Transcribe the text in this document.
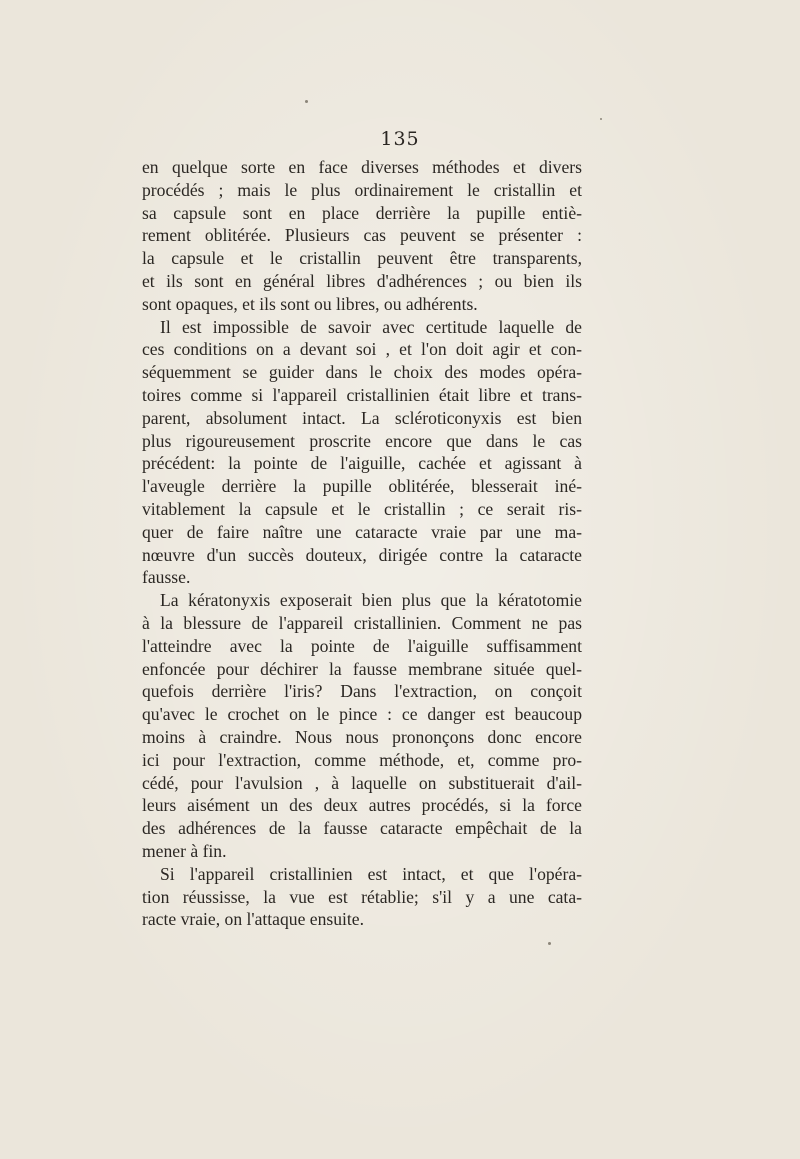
135
en quelque sorte en face diverses méthodes et divers
procédés ; mais le plus ordinairement le cristallin et
sa capsule sont en place derrière la pupille entiè-
rement oblitérée. Plusieurs cas peuvent se présenter :
la capsule et le cristallin peuvent être transparents,
et ils sont en général libres d'adhérences ; ou bien ils
sont opaques, et ils sont ou libres, ou adhérents.
Il est impossible de savoir avec certitude laquelle de
ces conditions on a devant soi , et l'on doit agir et con-
séquemment se guider dans le choix des modes opéra-
toires comme si l'appareil cristallinien était libre et trans-
parent, absolument intact. La scléroticonyxis est bien
plus rigoureusement proscrite encore que dans le cas
précédent: la pointe de l'aiguille, cachée et agissant à
l'aveugle derrière la pupille oblitérée, blesserait iné-
vitablement la capsule et le cristallin ; ce serait ris-
quer de faire naître une cataracte vraie par une ma-
nœuvre d'un succès douteux, dirigée contre la cataracte
fausse.
La kératonyxis exposerait bien plus que la kératotomie
à la blessure de l'appareil cristallinien. Comment ne pas
l'atteindre avec la pointe de l'aiguille suffisamment
enfoncée pour déchirer la fausse membrane située quel-
quefois derrière l'iris? Dans l'extraction, on conçoit
qu'avec le crochet on le pince : ce danger est beaucoup
moins à craindre. Nous nous prononçons donc encore
ici pour l'extraction, comme méthode, et, comme pro-
cédé, pour l'avulsion , à laquelle on substituerait d'ail-
leurs aisément un des deux autres procédés, si la force
des adhérences de la fausse cataracte empêchait de la
mener à fin.
Si l'appareil cristallinien est intact, et que l'opéra-
tion réussisse, la vue est rétablie; s'il y a une cata-
racte vraie, on l'attaque ensuite.
